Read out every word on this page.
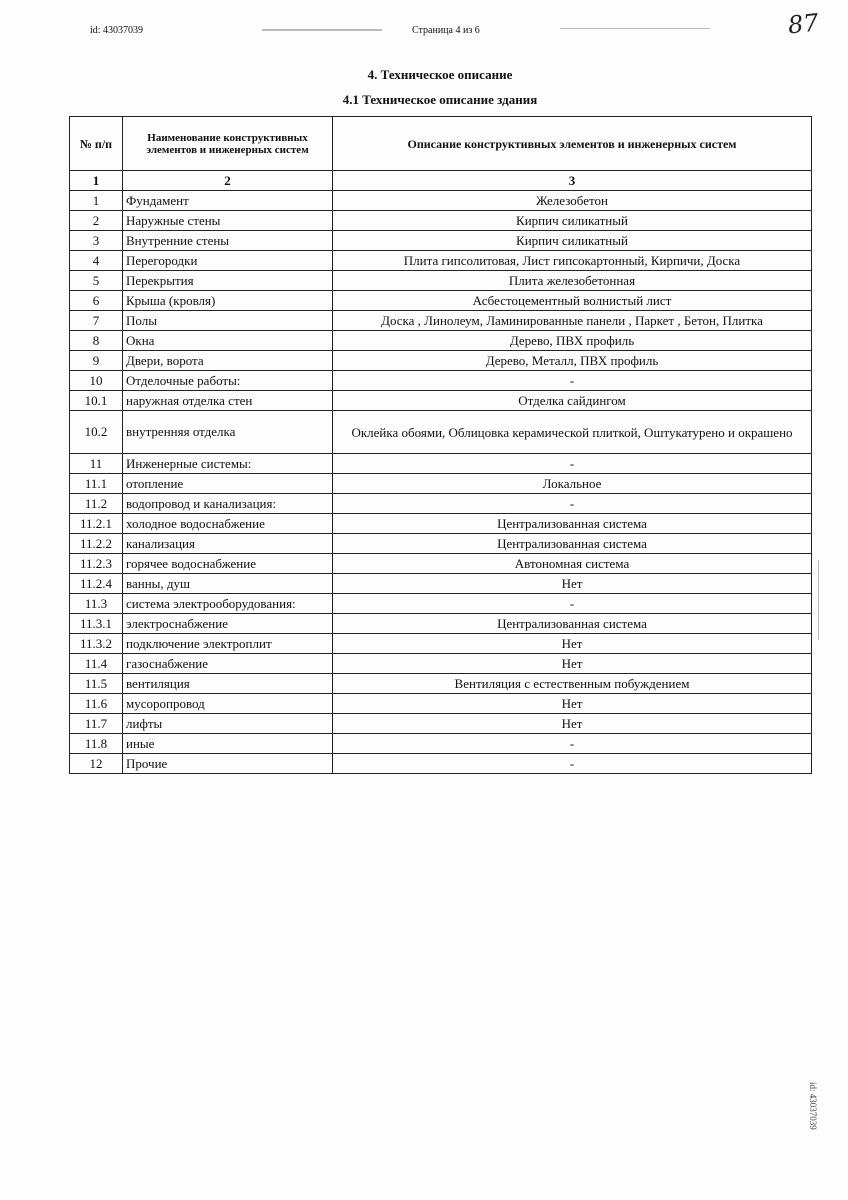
id: 43037039	Страница 4 из 6	87
id: 43037039
4. Техническое описание
4.1 Техническое описание здания
№ п/п	Наименование конструктивных элементов и инженерных систем	Описание конструктивных элементов и инженерных систем
1	2	3
1	Фундамент	Железобетон
2	Наружные стены	Кирпич силикатный
3	Внутренние стены	Кирпич силикатный
4	Перегородки	Плита гипсолитовая, Лист гипсокартонный, Кирпичи, Доска
5	Перекрытия	Плита железобетонная
6	Крыша (кровля)	Асбестоцементный волнистый лист
7	Полы	Доска , Линолеум, Ламинированные панели , Паркет , Бетон, Плитка
8	Окна	Дерево, ПВХ профиль
9	Двери, ворота	Дерево, Металл, ПВХ профиль
10	Отделочные работы:	-
10.1	наружная отделка стен	Отделка сайдингом
10.2	внутренняя отделка	Оклейка обоями, Облицовка керамической плиткой, Оштукатурено и окрашено
11	Инженерные системы:	-
11.1	отопление	Локальное
11.2	водопровод и канализация:	-
11.2.1	холодное водоснабжение	Централизованная система
11.2.2	канализация	Централизованная система
11.2.3	горячее водоснабжение	Автономная система
11.2.4	ванны, душ	Нет
11.3	система электрооборудования:	-
11.3.1	электроснабжение	Централизованная система
11.3.2	подключение электроплит	Нет
11.4	газоснабжение	Нет
11.5	вентиляция	Вентиляция с естественным побуждением
11.6	мусоропровод	Нет
11.7	лифты	Нет
11.8	иные	-
12	Прочие	-
